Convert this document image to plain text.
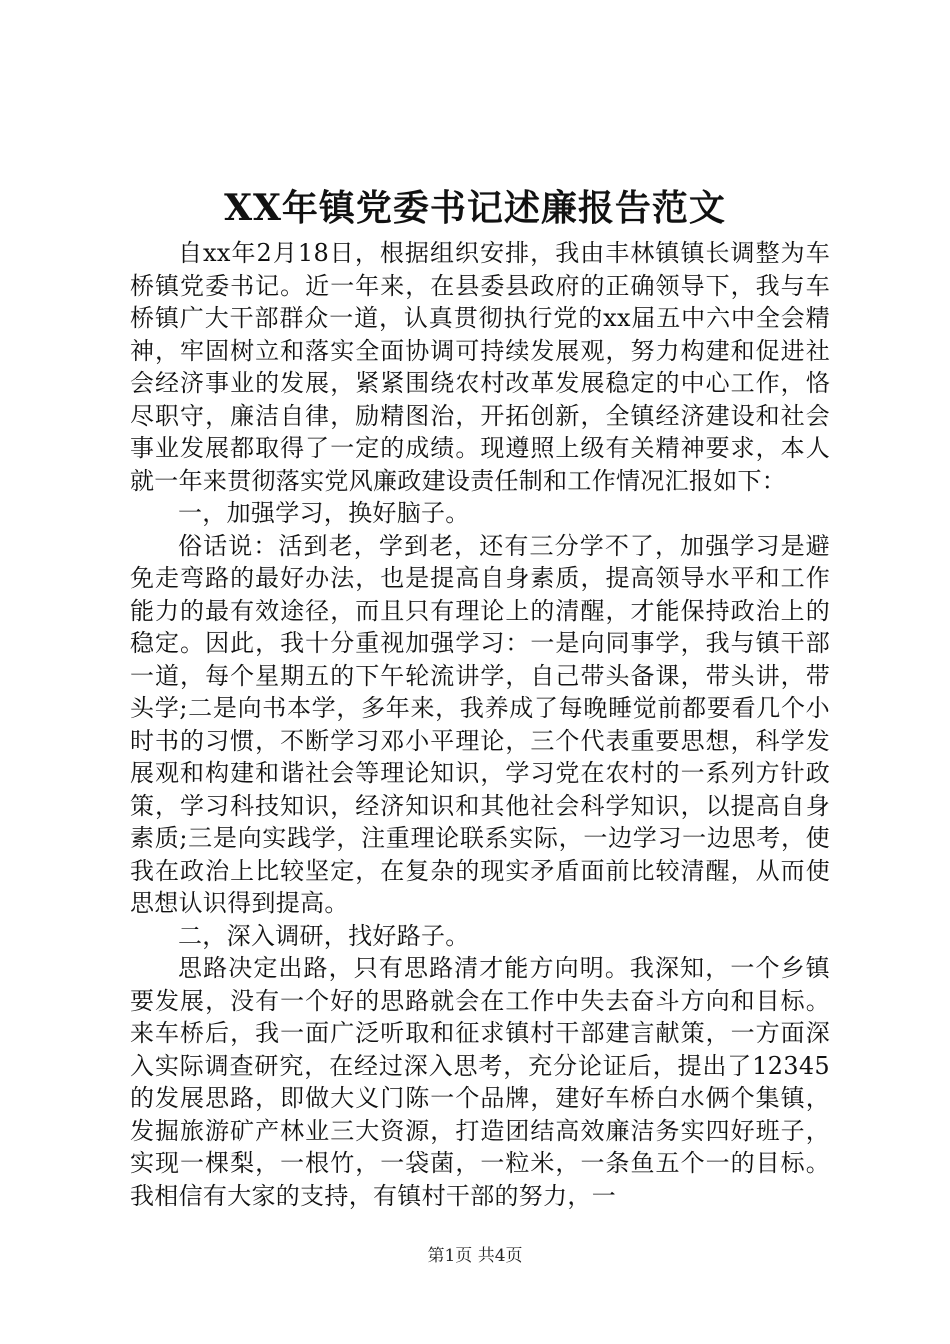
XX年镇党委书记述廉报告范文

自xx年2月18日，根据组织安排，我由丰林镇镇长调整为车桥镇党委书记。近一年来，在县委县政府的正确领导下，我与车桥镇广大干部群众一道，认真贯彻执行党的xx届五中六中全会精神，牢固树立和落实全面协调可持续发展观，努力构建和促进社会经济事业的发展，紧紧围绕农村改革发展稳定的中心工作，恪尽职守，廉洁自律，励精图治，开拓创新，全镇经济建设和社会事业发展都取得了一定的成绩。现遵照上级有关精神要求，本人就一年来贯彻落实党风廉政建设责任制和工作情况汇报如下：

一，加强学习，换好脑子。

俗话说：活到老，学到老，还有三分学不了，加强学习是避免走弯路的最好办法，也是提高自身素质，提高领导水平和工作能力的最有效途径，而且只有理论上的清醒，才能保持政治上的稳定。因此，我十分重视加强学习：一是向同事学，我与镇干部一道，每个星期五的下午轮流讲学，自己带头备课，带头讲，带头学;二是向书本学，多年来，我养成了每晚睡觉前都要看几个小时书的习惯，不断学习邓小平理论，三个代表重要思想，科学发展观和构建和谐社会等理论知识，学习党在农村的一系列方针政策，学习科技知识，经济知识和其他社会科学知识，以提高自身素质;三是向实践学，注重理论联系实际，一边学习一边思考，使我在政治上比较坚定，在复杂的现实矛盾面前比较清醒，从而使思想认识得到提高。

二，深入调研，找好路子。

思路决定出路，只有思路清才能方向明。我深知，一个乡镇要发展，没有一个好的思路就会在工作中失去奋斗方向和目标。来车桥后，我一面广泛听取和征求镇村干部建言献策，一方面深入实际调查研究，在经过深入思考，充分论证后，提出了12345的发展思路，即做大义门陈一个品牌，建好车桥白水俩个集镇，发掘旅游矿产林业三大资源，打造团结高效廉洁务实四好班子，实现一棵梨，一根竹，一袋菌，一粒米，一条鱼五个一的目标。我相信有大家的支持，有镇村干部的努力，一

第1页 共4页
